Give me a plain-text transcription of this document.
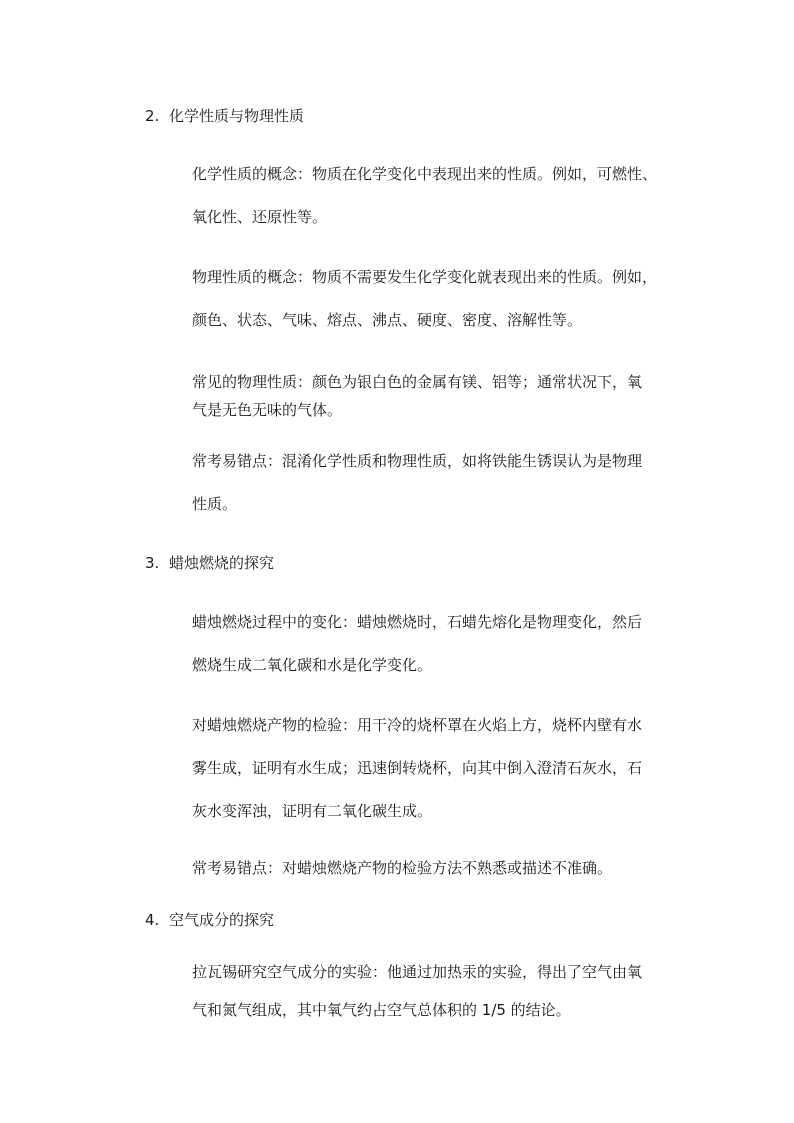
2. 化学性质与物理性质
化学性质的概念：物质在化学变化中表现出来的性质。例如，可燃性、
氧化性、还原性等。
物理性质的概念：物质不需要发生化学变化就表现出来的性质。例如，
颜色、状态、气味、熔点、沸点、硬度、密度、溶解性等。
常见的物理性质：颜色为银白色的金属有镁、铝等；通常状况下，氧
气是无色无味的气体。
常考易错点：混淆化学性质和物理性质，如将铁能生锈误认为是物理
性质。
3. 蜡烛燃烧的探究
蜡烛燃烧过程中的变化：蜡烛燃烧时，石蜡先熔化是物理变化，然后
燃烧生成二氧化碳和水是化学变化。
对蜡烛燃烧产物的检验：用干冷的烧杯罩在火焰上方，烧杯内壁有水
雾生成，证明有水生成；迅速倒转烧杯，向其中倒入澄清石灰水，石
灰水变浑浊，证明有二氧化碳生成。
常考易错点：对蜡烛燃烧产物的检验方法不熟悉或描述不准确。
4. 空气成分的探究
拉瓦锡研究空气成分的实验：他通过加热汞的实验，得出了空气由氧
气和氮气组成，其中氧气约占空气总体积的 1/5 的结论。
